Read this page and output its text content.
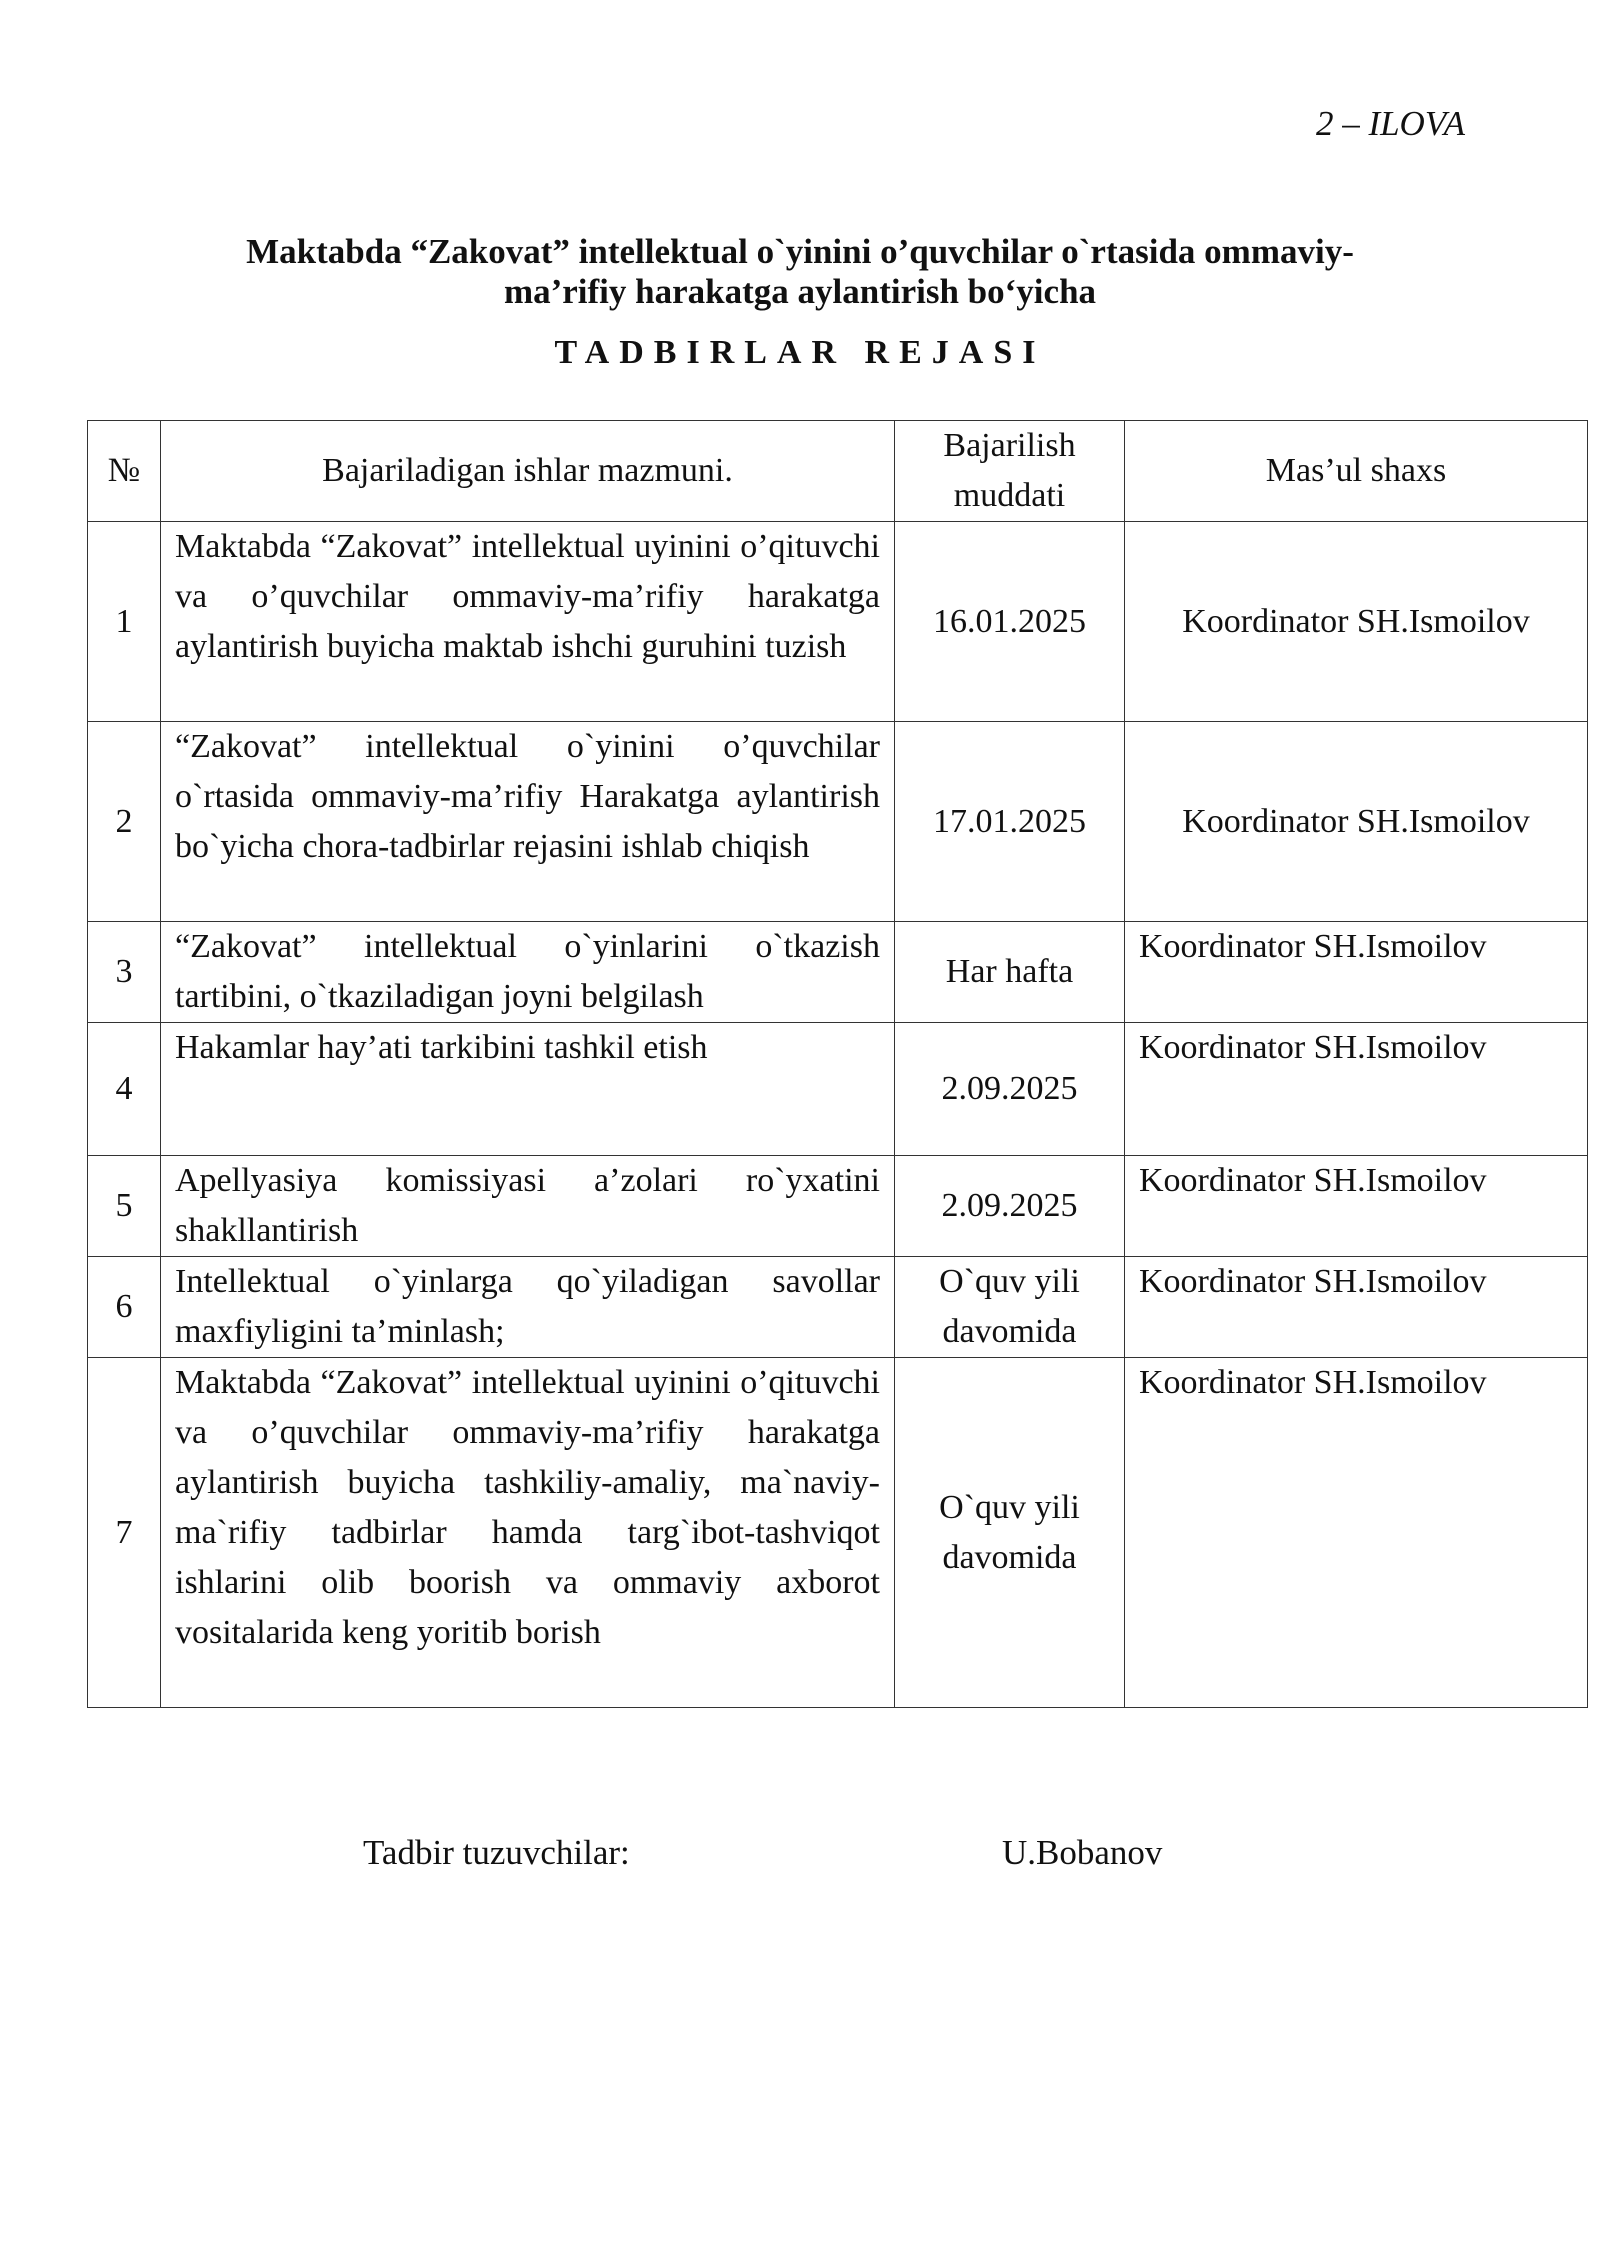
2 – ILOVA
Maktabda “Zakovat” intellektual o`yinini o’quvchilar o`rtasida ommaviy-
ma’rifiy harakatga aylantirish bo‘yicha
TADBIRLAR REJASI
№	Bajariladigan ishlar mazmuni.	Bajarilish muddati	Mas’ul shaxs
1	Maktabda “Zakovat” intellektual uyinini o’qituvchi va o’quvchilar ommaviy-ma’rifiy harakatga aylantirish buyicha maktab ishchi guruhini tuzish	16.01.2025	Koordinator SH.Ismoilov
2	“Zakovat” intellektual o`yinini o’quvchilar o`rtasida ommaviy-ma’rifiy Harakatga aylantirish bo`yicha chora-tadbirlar rejasini ishlab chiqish	17.01.2025	Koordinator SH.Ismoilov
3	“Zakovat” intellektual o`yinlarini o`tkazish tartibini, o`tkaziladigan joyni belgilash	Har hafta	Koordinator SH.Ismoilov
4	Hakamlar hay’ati tarkibini tashkil etish	2.09.2025	Koordinator SH.Ismoilov
5	Apellyasiya komissiyasi a’zolari ro`yxatini shakllantirish	2.09.2025	Koordinator SH.Ismoilov
6	Intellektual o`yinlarga qo`yiladigan savollar maxfiyligini ta’minlash;	O`quv yili davomida	Koordinator SH.Ismoilov
7	Maktabda “Zakovat” intellektual uyinini o’qituvchi va o’quvchilar ommaviy-ma’rifiy harakatga aylantirish buyicha tashkiliy-amaliy, ma`naviy-ma`rifiy tadbirlar hamda targ`ibot-tashviqot ishlarini olib boorish va ommaviy axborot vositalarida keng yoritib borish	O`quv yili davomida	Koordinator SH.Ismoilov
Tadbir tuzuvchilar:	U.Bobanov
